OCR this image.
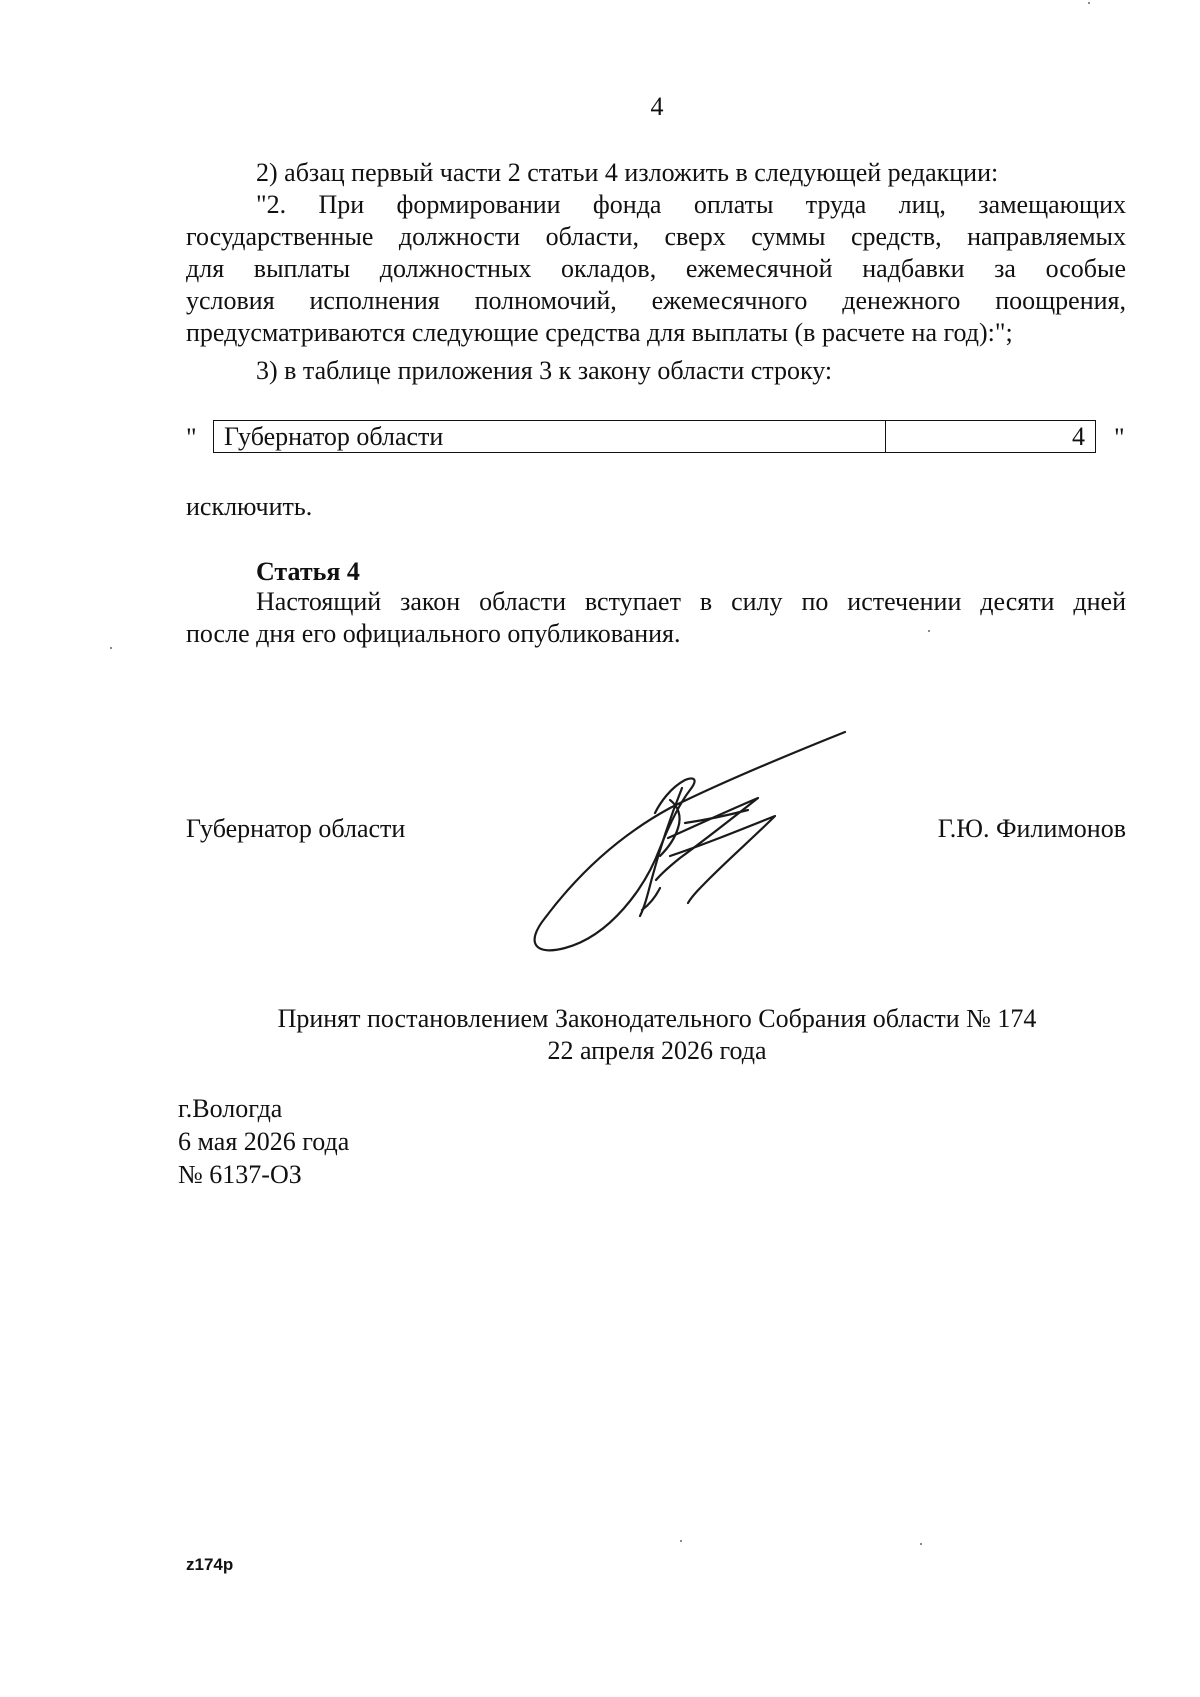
4

2) абзац первый части 2 статьи 4 изложить в следующей редакции:

"2. При формировании фонда оплаты труда лиц, замещающих

государственные должности области, сверх суммы средств, направляемых

для выплаты должностных окладов, ежемесячной надбавки за особые

условия исполнения полномочий, ежемесячного денежного поощрения,

предусматриваются следующие средства для выплаты (в расчете на год):";

3) в таблице приложения 3 к закону области строку:

"	Губернатор области	4	"

исключить.

Статья 4

Настоящий закон области вступает в силу по истечении десяти дней

после дня его официального опубликования.

Губернатор области	Г.Ю. Филимонов
Принят постановлением Законодательного Собрания области № 174
22 апреля 2026 года
г.Вологда
6 мая 2026 года
№ 6137-ОЗ
z174p
